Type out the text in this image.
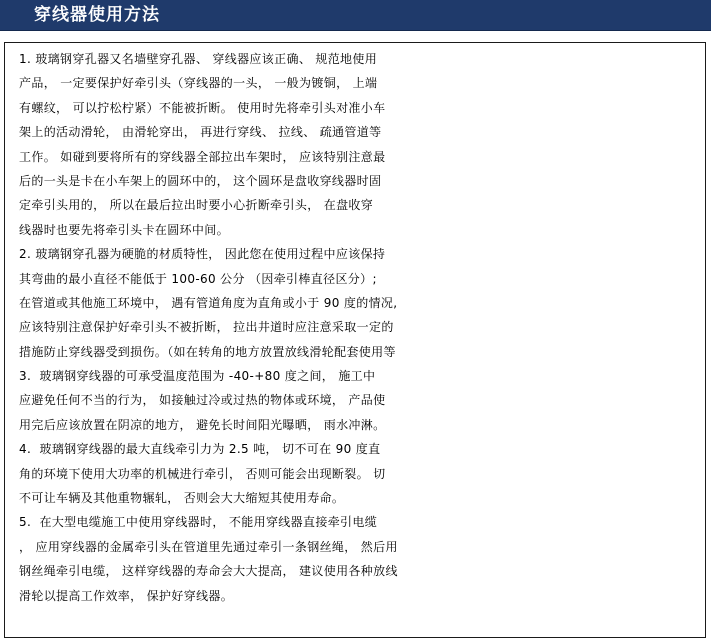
穿线器使用方法
1. 玻璃钢穿孔器又名墙壁穿孔器、 穿线器应该正确、 规范地使用
产品， 一定要保护好牵引头（穿线器的一头， 一般为镀铜， 上端
有螺纹， 可以拧松柠紧）不能被折断。 使用时先将牵引头对准小车
架上的活动滑轮， 由滑轮穿出， 再进行穿线、 拉线、 疏通管道等
工作。 如碰到要将所有的穿线器全部拉出车架时， 应该特别注意最
后的一头是卡在小车架上的圆环中的， 这个圆环是盘收穿线器时固
定牵引头用的， 所以在最后拉出时要小心折断牵引头， 在盘收穿
线器时也要先将牵引头卡在圆环中间。
2. 玻璃钢穿孔器为硬脆的材质特性， 因此您在使用过程中应该保持
其弯曲的最小直径不能低于 100-60 公分 （因牵引棒直径区分）;
在管道或其他施工环境中， 遇有管道角度为直角或小于 90 度的情况,
应该特别注意保护好牵引头不被折断， 拉出井道时应注意采取一定的
措施防止穿线器受到损伤。（如在转角的地方放置放线滑轮配套使用等
3.  玻璃钢穿线器的可承受温度范围为 -40-+80 度之间， 施工中
应避免任何不当的行为， 如接触过冷或过热的物体或环境， 产品使
用完后应该放置在阴凉的地方， 避免长时间阳光曝晒， 雨水冲淋。
4.  玻璃钢穿线器的最大直线牵引力为 2.5 吨， 切不可在 90 度直
角的环境下使用大功率的机械进行牵引， 否则可能会出现断裂。 切
不可让车辆及其他重物辗轧， 否则会大大缩短其使用寿命。
5.  在大型电缆施工中使用穿线器时， 不能用穿线器直接牵引电缆
， 应用穿线器的金属牵引头在管道里先通过牵引一条钢丝绳， 然后用
钢丝绳牵引电缆， 这样穿线器的寿命会大大提高， 建议使用各种放线
滑轮以提高工作效率， 保护好穿线器。
